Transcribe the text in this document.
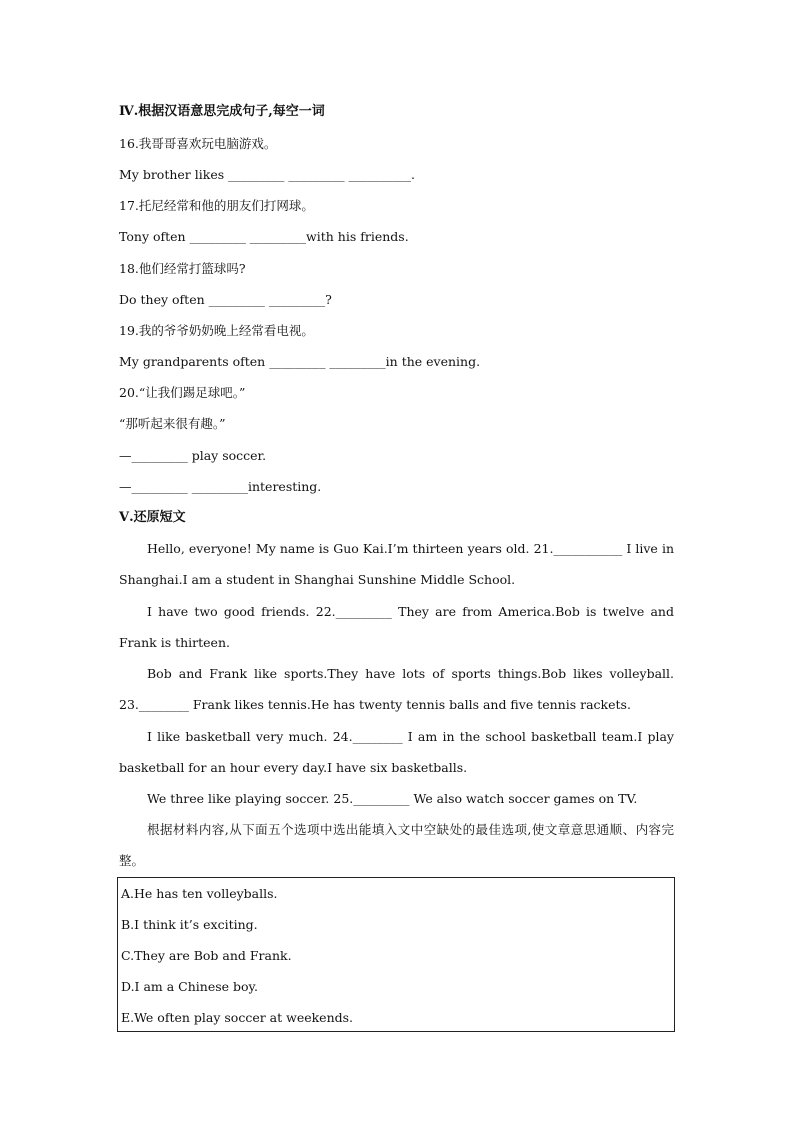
Ⅳ.根据汉语意思完成句子,每空一词
16.我哥哥喜欢玩电脑游戏。
My brother likes _________ _________ __________.
17.托尼经常和他的朋友们打网球。
Tony often _________ _________with his friends.
18.他们经常打篮球吗?
Do they often _________ _________?
19.我的爷爷奶奶晚上经常看电视。
My grandparents often _________ _________in the evening.
20.“让我们踢足球吧。”
“那听起来很有趣。”
—_________ play soccer.
—_________ _________interesting.
Ⅴ.还原短文

Hello, everyone! My name is Guo Kai.I’m thirteen years old. 21.___________ I live in Shanghai.I am a student in Shanghai Sunshine Middle School.

I have two good friends. 22._________ They are from America.Bob is twelve and Frank is thirteen.

Bob and Frank like sports.They have lots of sports things.Bob likes volleyball. 23.________ Frank likes tennis.He has twenty tennis balls and five tennis rackets.

I like basketball very much. 24.________ I am in the school basketball team.I play basketball for an hour every day.I have six basketballs.

We three like playing soccer. 25._________ We also watch soccer games on TV.

根据材料内容,从下面五个选项中选出能填入文中空缺处的最佳选项,使文章意思通顺、内容完整。

A.He has ten volleyballs.
B.I think it’s exciting.
C.They are Bob and Frank.
D.I am a Chinese boy.
E.We often play soccer at weekends.
